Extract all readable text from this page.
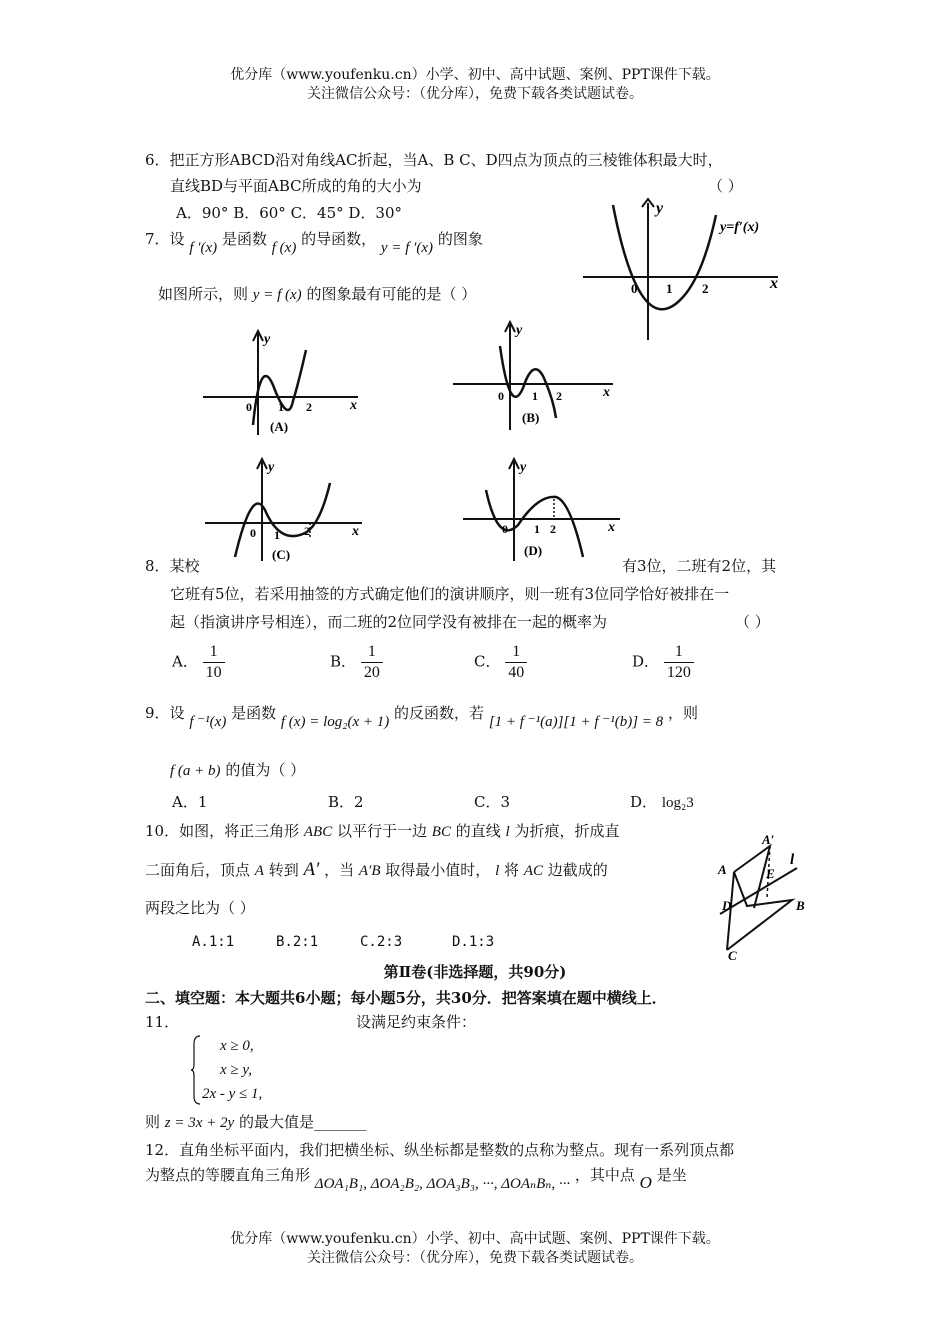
优分库（www.youfenku.cn）小学、初中、高中试题、案例、PPT课件下载。
关注微信公众号：（优分库），免费下载各类试题试卷。
6．把正方形ABCD沿对角线AC折起，当A、B C、D四点为顶点的三棱锥体积最大时，
直线BD与平面ABC所成的角的大小为	（ ）
A．90° B．60° C．45° D．30°
7．设 f ′(x) 是函数 f (x) 的导函数， y = f ′(x) 的图象
如图所示，则 y = f (x) 的图象最有可能的是（ ）
y
x
0 1 2
y=f′(x)
y
x
0 1 2
(A)
y
x
0 1 2
(B)
y
x
0 1 2
(C)
y
x
0 1 2
(D)
8．某校	有3位，二班有2位，其
它班有5位，若采用抽签的方式确定他们的演讲顺序，则一班有3位同学恰好被排在一
起（指演讲序号相连），而二班的2位同学没有被排在一起的概率为	（ ）
A． $\frac{1}{10}$	B． $\frac{1}{20}$	C． $\frac{1}{40}$	D． $\frac{1}{120}$
9．设 f ⁻¹(x) 是函数 f (x) = log₂(x + 1) 的反函数，若 [1 + f ⁻¹(a)][1 + f ⁻¹(b)] = 8 ，则
f (a + b) 的值为（ ）
A．1	B．2	C．3	D． log₂3
10．如图，将正三角形 ABC 以平行于一边 BC 的直线 l 为折痕，折成直
二面角后，顶点 A 转到 A′ ，当 A′B 取得最小值时， l 将 AC 边截成的
两段之比为（ ）
A.1:1	B.2:1	C.2:3	D.1:3
A′
A	E
l
D	B
C
第Ⅱ卷(非选择题，共90分)
二、填空题：本大题共6小题；每小题5分，共30分．把答案填在题中横线上．
11．	设满足约束条件：
x ≥ 0,
x ≥ y,
2x - y ≤ 1,
则 z = 3x + 2y 的最大值是_______
12．直角坐标平面内，我们把横坐标、纵坐标都是整数的点称为整点。现有一系列顶点都
为整点的等腰直角三角形 ΔOA₁B₁, ΔOA₂B₂, ΔOA₃B₃, ···, ΔOAₙBₙ, ··· ，其中点 O 是坐
优分库（www.youfenku.cn）小学、初中、高中试题、案例、PPT课件下载。
关注微信公众号：（优分库），免费下载各类试题试卷。
